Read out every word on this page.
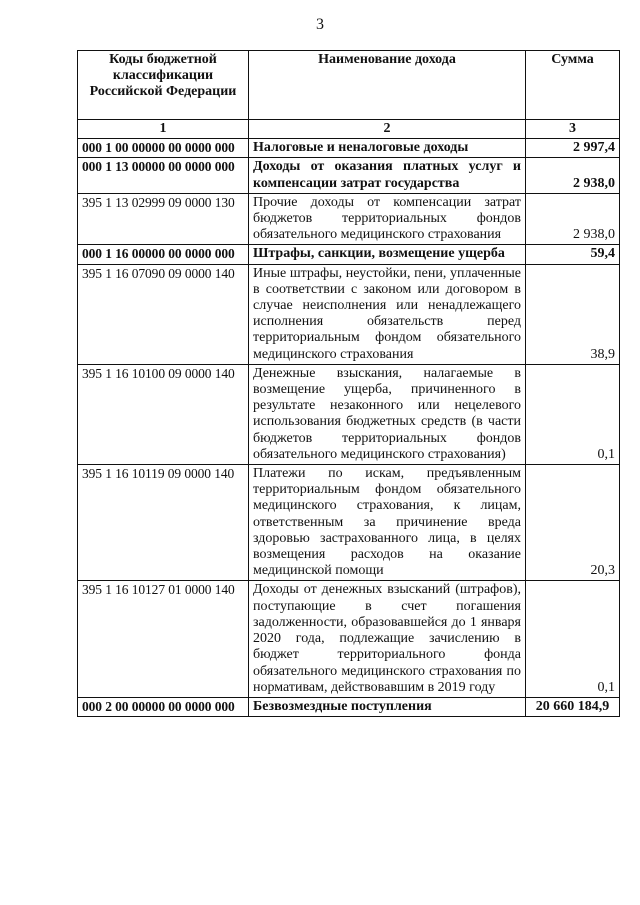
3
Коды бюджетной классификации Российской Федерации	Наименование дохода	Сумма
1	2	3
000 1 00 00000 00 0000 000	Налоговые и неналоговые доходы	2 997,4
000 1 13 00000 00 0000 000	Доходы от оказания платных услуг и компенсации затрат государства	2 938,0
395 1 13 02999 09 0000 130	Прочие доходы от компенсации затрат бюджетов территориальных фондов обязательного медицинского страхования	2 938,0
000 1 16 00000 00 0000 000	Штрафы, санкции, возмещение ущерба	59,4
395 1 16 07090 09 0000 140	Иные штрафы, неустойки, пени, уплаченные в соответствии с законом или договором в случае неисполнения или ненадлежащего исполнения обязательств перед территориальным фондом обязательного медицинского страхования	38,9
395 1 16 10100 09 0000 140	Денежные взыскания, налагаемые в возмещение ущерба, причиненного в результате незаконного или нецелевого использования бюджетных средств (в части бюджетов территориальных фондов обязательного медицинского страхования)	0,1
395 1 16 10119 09 0000 140	Платежи по искам, предъявленным территориальным фондом обязательного медицинского страхования, к лицам, ответственным за причинение вреда здоровью застрахованного лица, в целях возмещения расходов на оказание медицинской помощи	20,3
395 1 16 10127 01 0000 140	Доходы от денежных взысканий (штрафов), поступающие в счет погашения задолженности, образовавшейся до 1 января 2020 года, подлежащие зачислению в бюджет территориального фонда обязательного медицинского страхования по нормативам, действовавшим в 2019 году	0,1
000 2 00 00000 00 0000 000	Безвозмездные поступления	20 660 184,9
